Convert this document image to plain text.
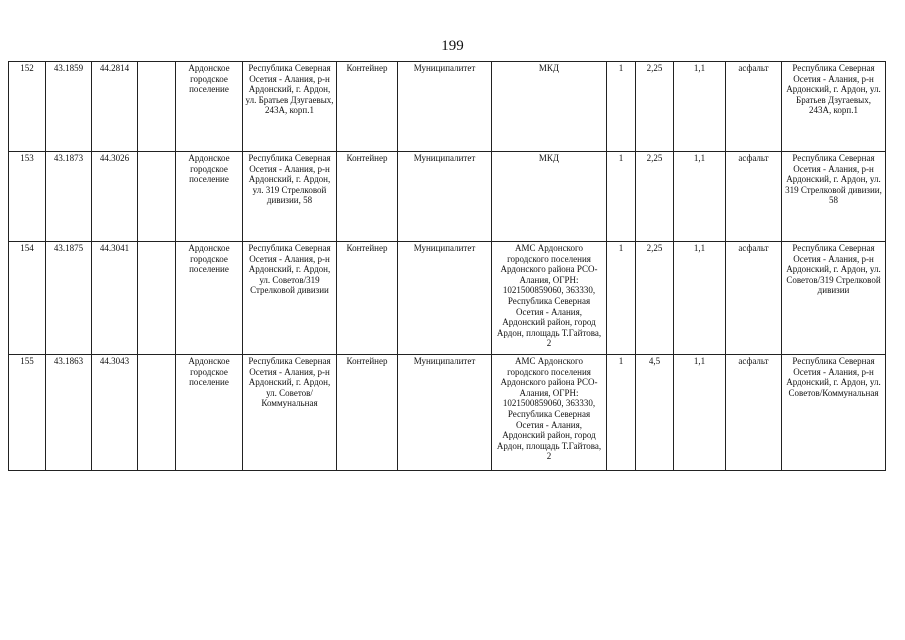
199
152	43.1859	44.2814		Ардонское городское поселение	Республика Северная Осетия - Алания, р-н Ардонский, г. Ардон, ул. Братьев Дзугаевых, 243А, корп.1	Контейнер	Муниципалитет	МКД	1	2,25	1,1	асфальт	Республика Северная Осетия - Алания, р-н Ардонский, г. Ардон, ул. Братьев Дзугаевых, 243А, корп.1
153	43.1873	44.3026		Ардонское городское поселение	Республика Северная Осетия - Алания, р-н Ардонский, г. Ардон, ул. 319 Стрелковой дивизии, 58	Контейнер	Муниципалитет	МКД	1	2,25	1,1	асфальт	Республика Северная Осетия - Алания, р-н Ардонский, г. Ардон, ул. 319 Стрелковой дивизии, 58
154	43.1875	44.3041		Ардонское городское поселение	Республика Северная Осетия - Алания, р-н Ардонский, г. Ардон, ул. Советов/319 Стрелковой дивизии	Контейнер	Муниципалитет	АМС Ардонского городского поселения Ардонского района РСО-Алания, ОГРН: 1021500859060, 363330, Республика Северная Осетия - Алания, Ардонский район, город Ардон, площадь Т.Гайтова, 2	1	2,25	1,1	асфальт	Республика Северная Осетия - Алания, р-н Ардонский, г. Ардон, ул. Советов/319 Стрелковой дивизии
155	43.1863	44.3043		Ардонское городское поселение	Республика Северная Осетия - Алания, р-н Ардонский, г. Ардон, ул. Советов/ Коммунальная	Контейнер	Муниципалитет	АМС Ардонского городского поселения Ардонского района РСО-Алания, ОГРН: 1021500859060, 363330, Республика Северная Осетия - Алания, Ардонский район, город Ардон, площадь Т.Гайтова, 2	1	4,5	1,1	асфальт	Республика Северная Осетия - Алания, р-н Ардонский, г. Ардон, ул. Советов/Коммунальная
